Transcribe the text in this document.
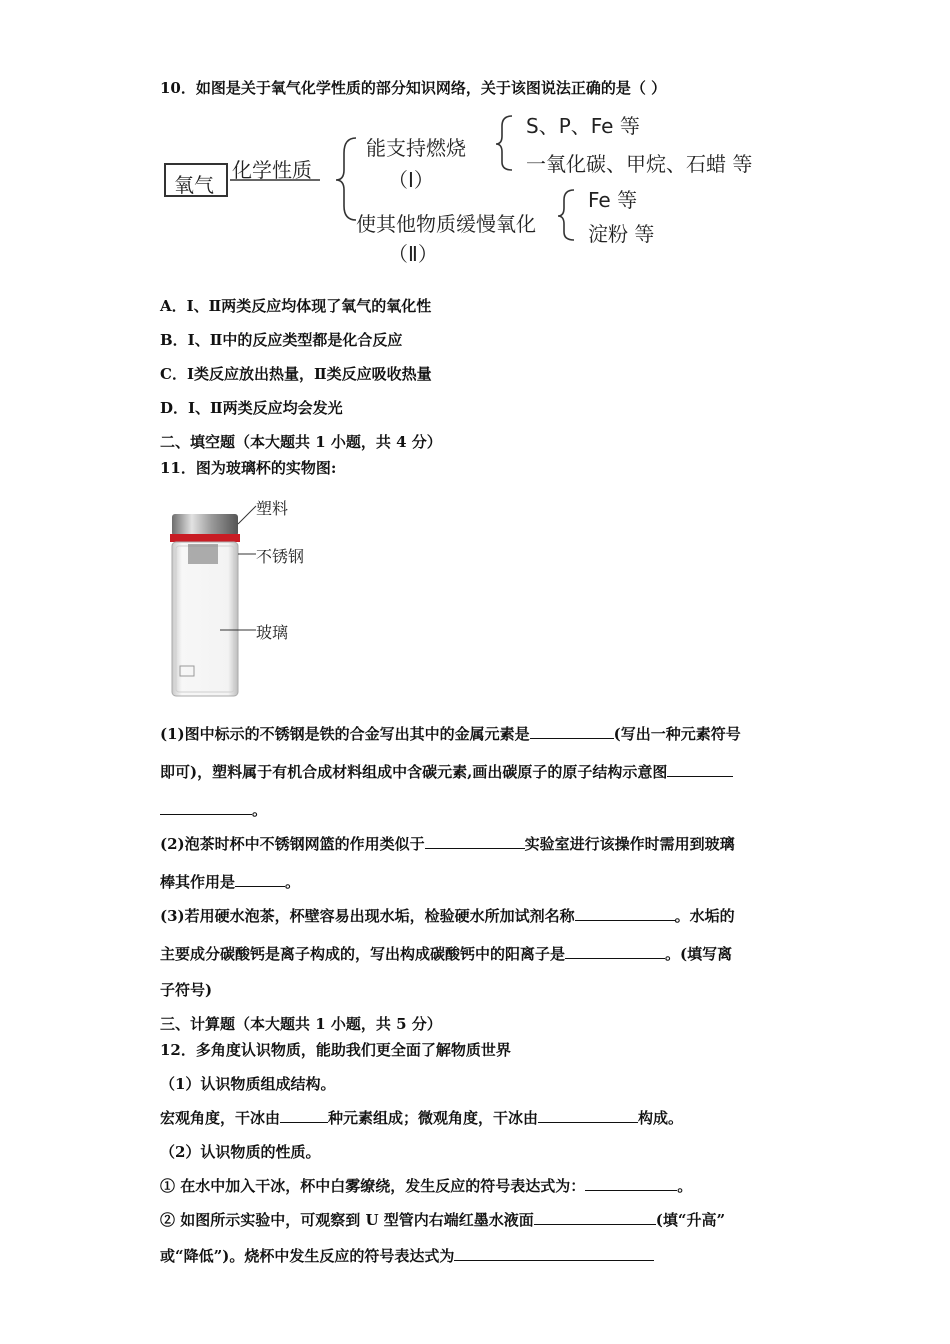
10．如图是关于氧气化学性质的部分知识网络，关于该图说法正确的是（ ）
氧气
化学性质
能支持燃烧
（Ⅰ）
S、P、Fe 等
一氧化碳、甲烷、石蜡 等
使其他物质缓慢氧化
（Ⅱ）
Fe 等
淀粉 等
A．Ⅰ、Ⅱ两类反应均体现了氧气的氧化性
B．Ⅰ、Ⅱ中的反应类型都是化合反应
C．Ⅰ类反应放出热量，Ⅱ类反应吸收热量
D．Ⅰ、Ⅱ两类反应均会发光
二、填空题（本大题共 1 小题，共 4 分）
11．图为玻璃杯的实物图:
塑料
不锈钢
玻璃
(1)图中标示的不锈钢是铁的合金写出其中的金属元素是	(写出一种元素符号
即可)，塑料属于有机合成材料组成中含碳元素,画出碳原子的原子结构示意图
。
(2)泡茶时杯中不锈钢网篮的作用类似于	实验室进行该操作时需用到玻璃
棒其作用是	。
(3)若用硬水泡茶，杯壁容易出现水垢，检验硬水所加试剂名称	。水垢的
主要成分碳酸钙是离子构成的，写出构成碳酸钙中的阳离子是	。(填写离
子符号)
三、计算题（本大题共 1 小题，共 5 分）
12．多角度认识物质，能助我们更全面了解物质世界
（1）认识物质组成结构。
宏观角度，干冰由	种元素组成；微观角度，干冰由	构成。
（2）认识物质的性质。
① 在水中加入干冰，杯中白雾缭绕，发生反应的符号表达式为：	。
② 如图所示实验中，可观察到 U 型管内右端红墨水液面	(填“升高”
或“降低”)。烧杯中发生反应的符号表达式为
